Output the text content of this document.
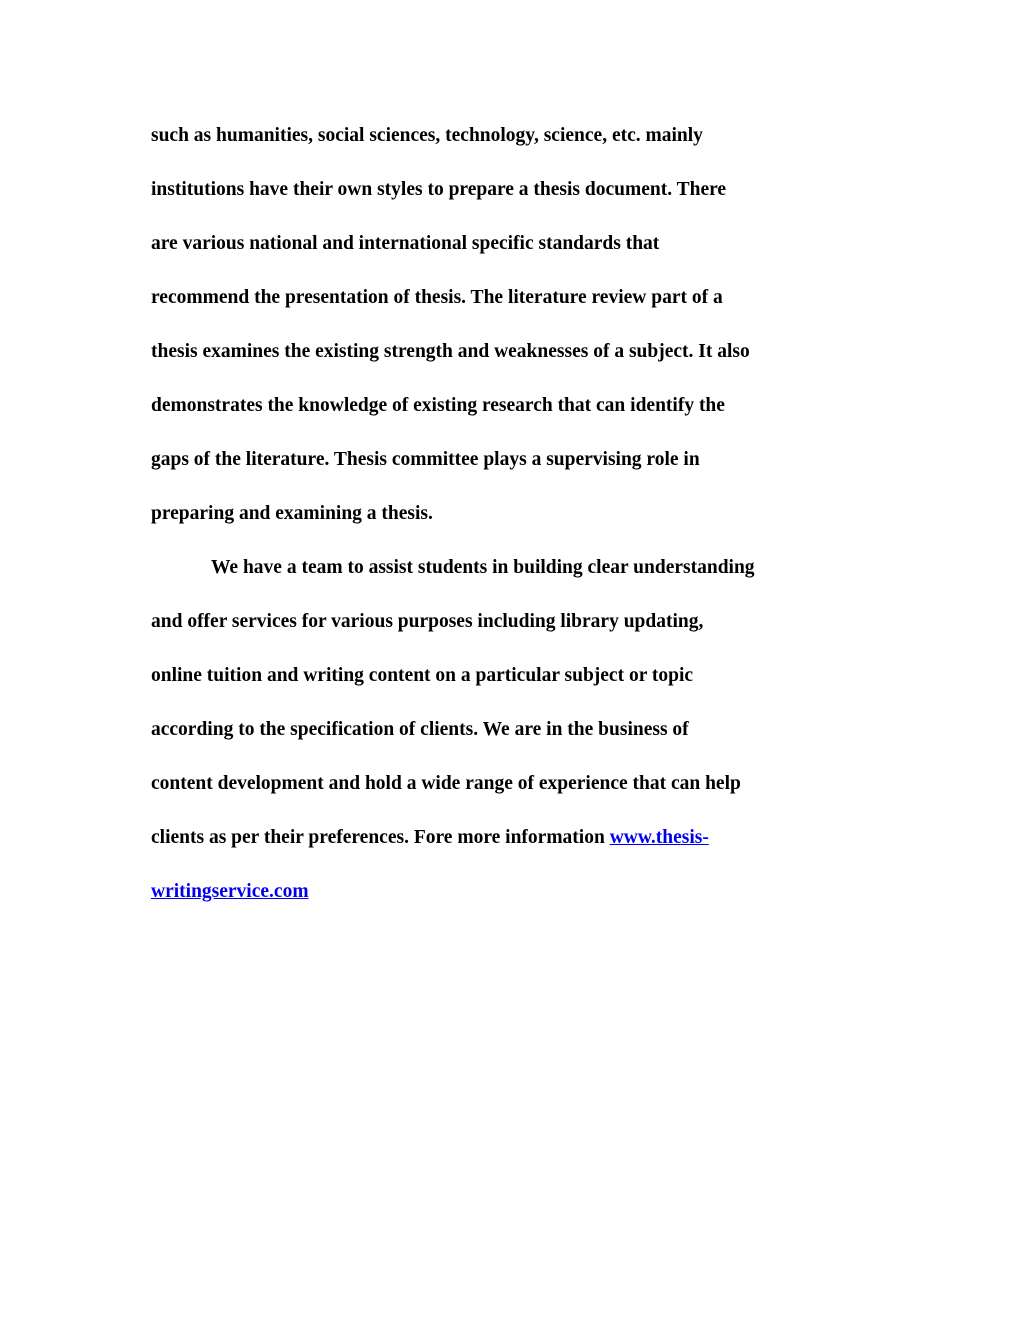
such as humanities, social sciences, technology, science, etc. mainly
institutions have their own styles to prepare a thesis document. There
are various national and international specific standards that
recommend the presentation of thesis. The literature review part of a
thesis examines the existing strength and weaknesses of a subject. It also
demonstrates the knowledge of existing research that can identify the
gaps of the literature. Thesis committee plays a supervising role in
preparing and examining a thesis.
We have a team to assist students in building clear understanding
and offer services for various purposes including library updating,
online tuition and writing content on a particular subject or topic
according to the specification of clients. We are in the business of
content development and hold a wide range of experience that can help
clients as per their preferences. Fore more information www.thesis-
writingservice.com
